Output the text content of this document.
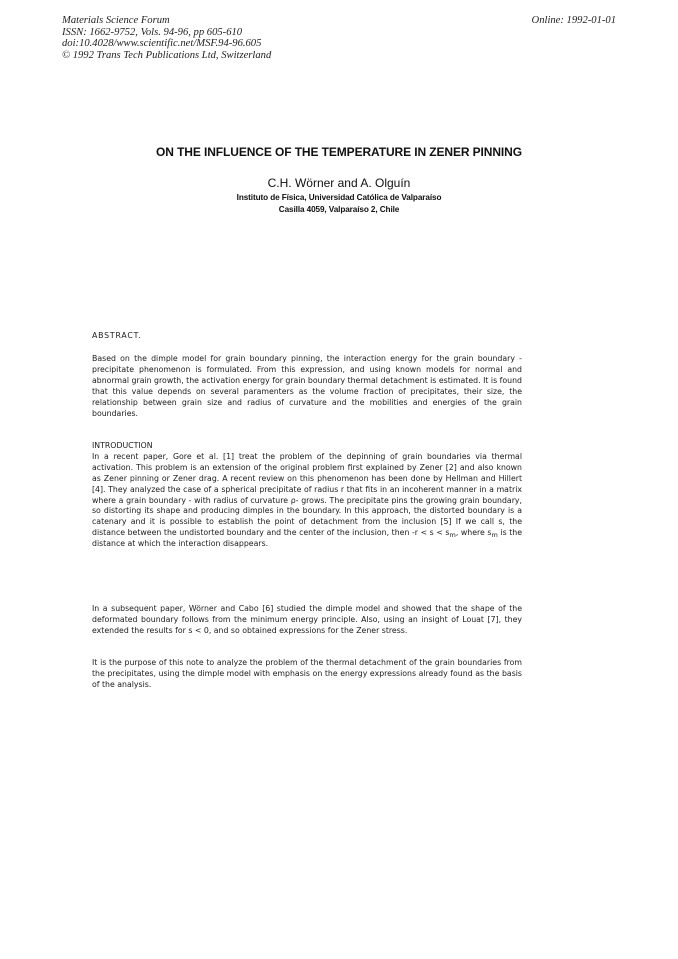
Materials Science Forum
ISSN: 1662-9752, Vols. 94-96, pp 605-610
doi:10.4028/www.scientific.net/MSF.94-96.605
© 1992 Trans Tech Publications Ltd, Switzerland
Online: 1992-01-01
ON THE INFLUENCE OF THE TEMPERATURE IN ZENER PINNING
C.H. Wörner and A. Olguín
Instituto de Física, Universidad Católica de Valparaíso
Casilla 4059, Valparaíso 2, Chile

ABSTRACT.

Based on the dimple model for grain boundary pinning, the interaction energy for the grain boundary - precipitate phenomenon is formulated. From this expression, and using known models for normal and abnormal grain growth, the activation energy for grain boundary thermal detachment is estimated. It is found that this value depends on several paramenters as the volume fraction of precipitates, their size, the relationship between grain size and radius of curvature and the mobilities and energies of the grain boundaries.

INTRODUCTION

In a recent paper, Gore et al. [1] treat the problem of the depinning of grain boundaries via thermal activation. This problem is an extension of the original problem first explained by Zener [2] and also known as Zener pinning or Zener drag. A recent review on this phenomenon has been done by Hellman and Hillert [4]. They analyzed the case of a spherical precipitate of radius r that fits in an incoherent manner in a matrix where a grain boundary - with radius of curvature ρ- grows. The precipitate pins the growing grain boundary, so distorting its shape and producing dimples in the boundary. In this approach, the distorted boundary is a catenary and it is possible to establish the point of detachment from the inclusion [5] If we call s, the distance between the undistorted boundary and the center of the inclusion, then $-r < s < s_m$, where $s_m$ is the distance at which the interaction disappears.

In a subsequent paper, Wörner and Cabo [6] studied the dimple model and showed that the shape of the deformated boundary follows from the minimum energy principle. Also, using an insight of Louat [7], they extended the results for s < 0, and so obtained expressions for the Zener stress.

It is the purpose of this note to analyze the problem of the thermal detachment of the grain boundaries from the precipitates, using the dimple model with emphasis on the energy expressions already found as the basis of the analysis.
